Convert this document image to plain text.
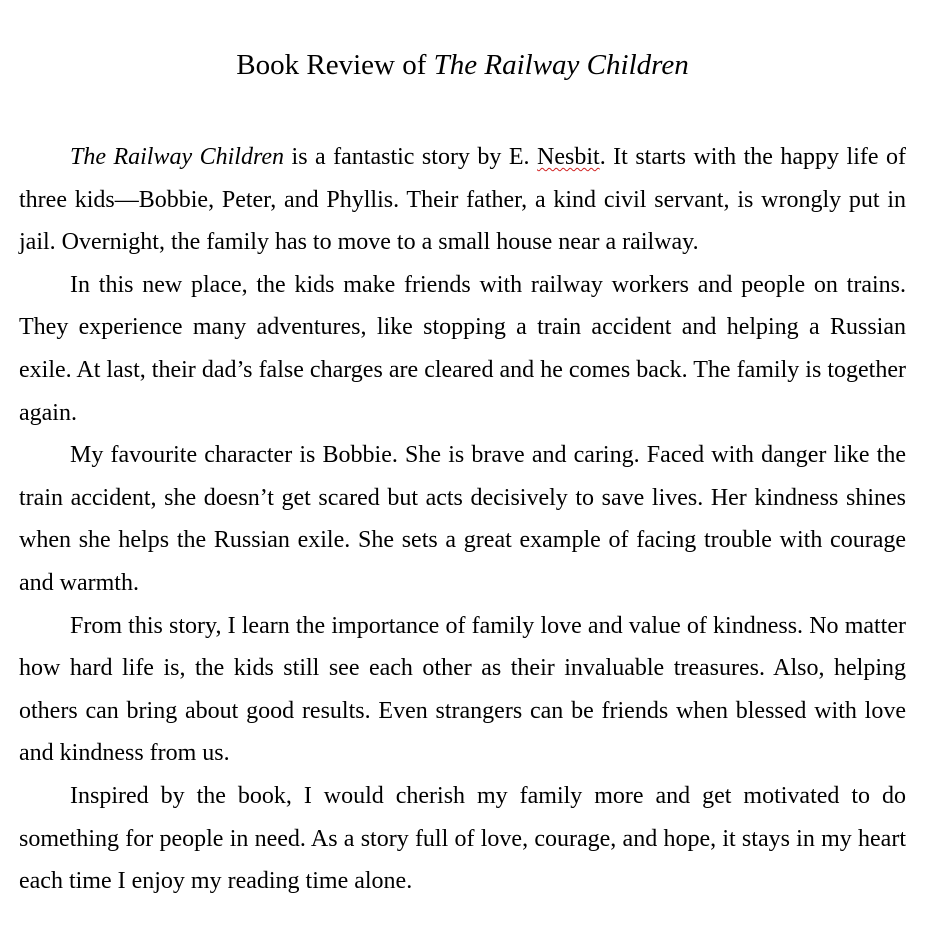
Book Review of The Railway Children

The Railway Children is a fantastic story by E. Nesbit. It starts with the happy life of three kids—Bobbie, Peter, and Phyllis. Their father, a kind civil servant, is wrongly put in jail. Overnight, the family has to move to a small house near a railway.

In this new place, the kids make friends with railway workers and people on trains. They experience many adventures, like stopping a train accident and helping a Russian exile. At last, their dad’s false charges are cleared and he comes back. The family is together again.

My favourite character is Bobbie. She is brave and caring. Faced with danger like the train accident, she doesn’t get scared but acts decisively to save lives. Her kindness shines when she helps the Russian exile. She sets a great example of facing trouble with courage and warmth.

From this story, I learn the importance of family love and value of kindness. No matter how hard life is, the kids still see each other as their invaluable treasures. Also, helping others can bring about good results. Even strangers can be friends when blessed with love and kindness from us.

Inspired by the book, I would cherish my family more and get motivated to do something for people in need. As a story full of love, courage, and hope, it stays in my heart each time I enjoy my reading time alone.
